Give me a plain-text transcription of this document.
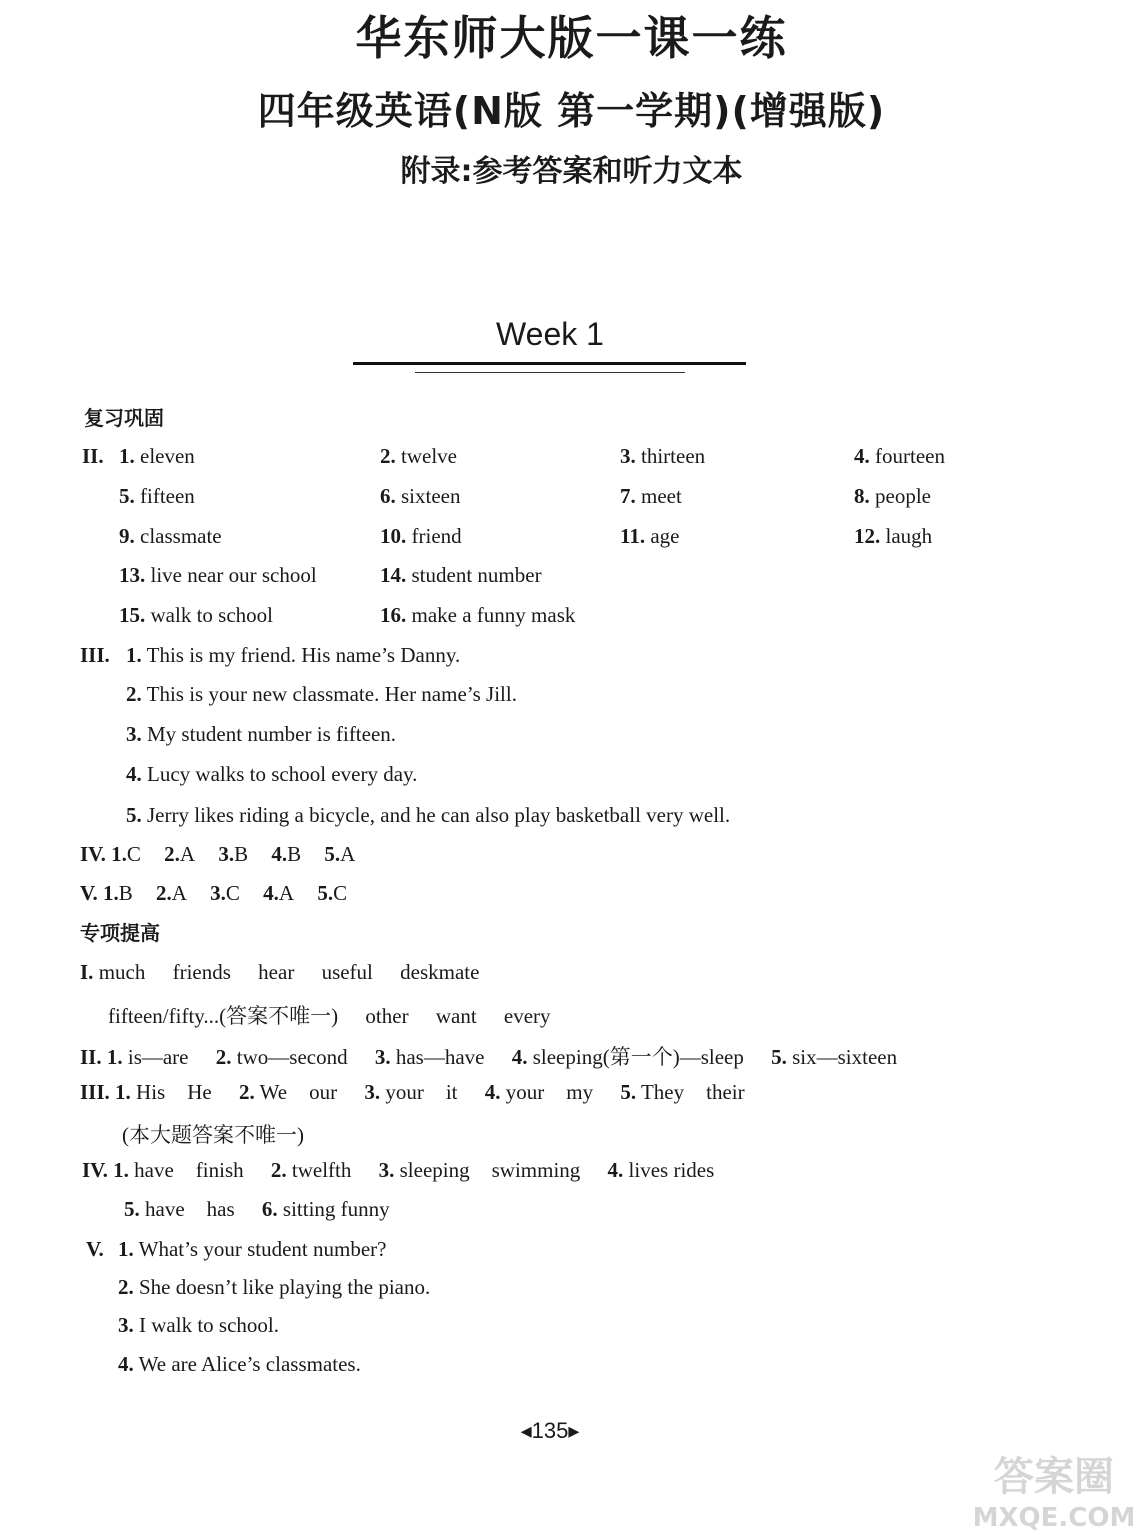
华东师大版一课一练
四年级英语(N版 第一学期)(增强版)
附录:参考答案和听力文本
Week 1
复习巩固
II. 1. eleven	2. twelve	3. thirteen	4. fourteen
5. fifteen	6. sixteen	7. meet	8. people
9. classmate	10. friend	11. age	12. laugh
13. live near our school	14. student number
15. walk to school	16. make a funny mask
III. 1. This is my friend. His name’s Danny.
2. This is your new classmate. Her name’s Jill.
3. My student number is fifteen.
4. Lucy walks to school every day.
5. Jerry likes riding a bicycle, and he can also play basketball very well.
IV. 1.C 2.A 3.B 4.B 5.A
V. 1.B 2.A 3.C 4.A 5.C
专项提高
I. much friends hear useful deskmate
fifteen/fifty...(答案不唯一) other want every
II. 1. is—are 2. two—second 3. has—have 4. sleeping(第一个)—sleep 5. six—sixteen
III. 1. His He 2. We our 3. your it 4. your my 5. They their
(本大题答案不唯一)
IV. 1. have finish 2. twelfth 3. sleeping swimming 4. lives rides
5. have has 6. sitting funny
V. 1. What’s your student number?
2. She doesn’t like playing the piano.
3. I walk to school.
4. We are Alice’s classmates.
◂135▸
答案圈
MXQE.COM
